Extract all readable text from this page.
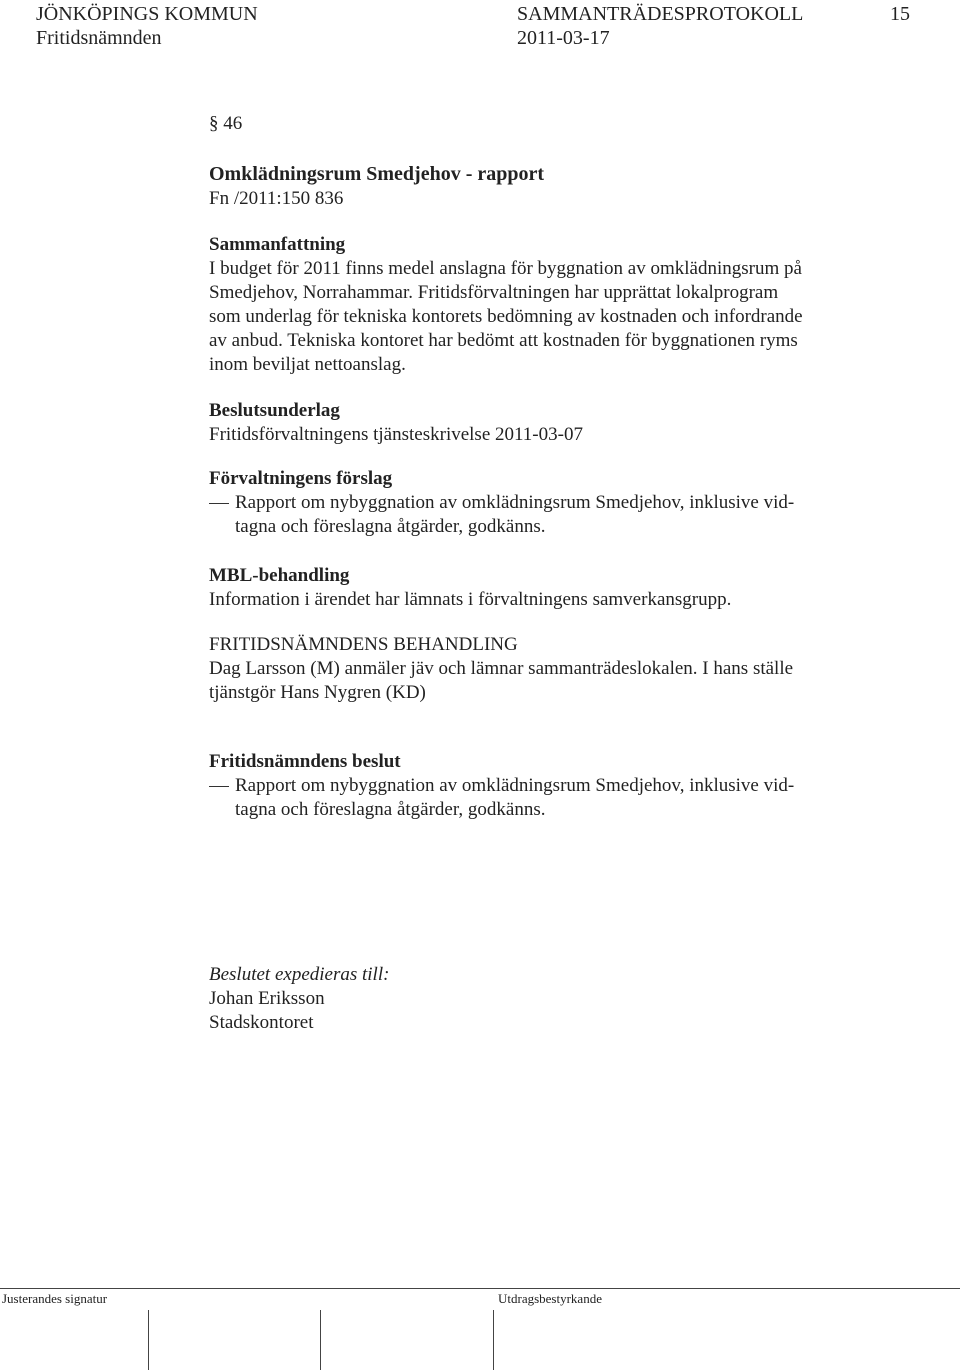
JÖNKÖPINGS KOMMUN	SAMMANTRÄDESPROTOKOLL	15
Fritidsnämnden	2011-03-17
§ 46
Omklädningsrum Smedjehov - rapport
Fn /2011:150 836
Sammanfattning
I budget för 2011 finns medel anslagna för byggnation av omklädningsrum på
Smedjehov, Norrahammar. Fritidsförvaltningen har upprättat lokalprogram
som underlag för tekniska kontorets bedömning av kostnaden och infordrande
av anbud. Tekniska kontoret har bedömt att kostnaden för byggnationen ryms
inom beviljat nettoanslag.
Beslutsunderlag
Fritidsförvaltningens tjänsteskrivelse 2011-03-07
Förvaltningens förslag
Rapport om nybyggnation av omklädningsrum Smedjehov, inklusive vid-
tagna och föreslagna åtgärder, godkänns.
MBL-behandling
Information i ärendet har lämnats i förvaltningens samverkansgrupp.
FRITIDSNÄMNDENS BEHANDLING
Dag Larsson (M) anmäler jäv och lämnar sammanträdeslokalen. I hans ställe
tjänstgör Hans Nygren (KD)
Fritidsnämndens beslut
Rapport om nybyggnation av omklädningsrum Smedjehov, inklusive vid-
tagna och föreslagna åtgärder, godkänns.
Beslutet expedieras till:
Johan Eriksson
Stadskontoret
Justerandes signatur	Utdragsbestyrkande
